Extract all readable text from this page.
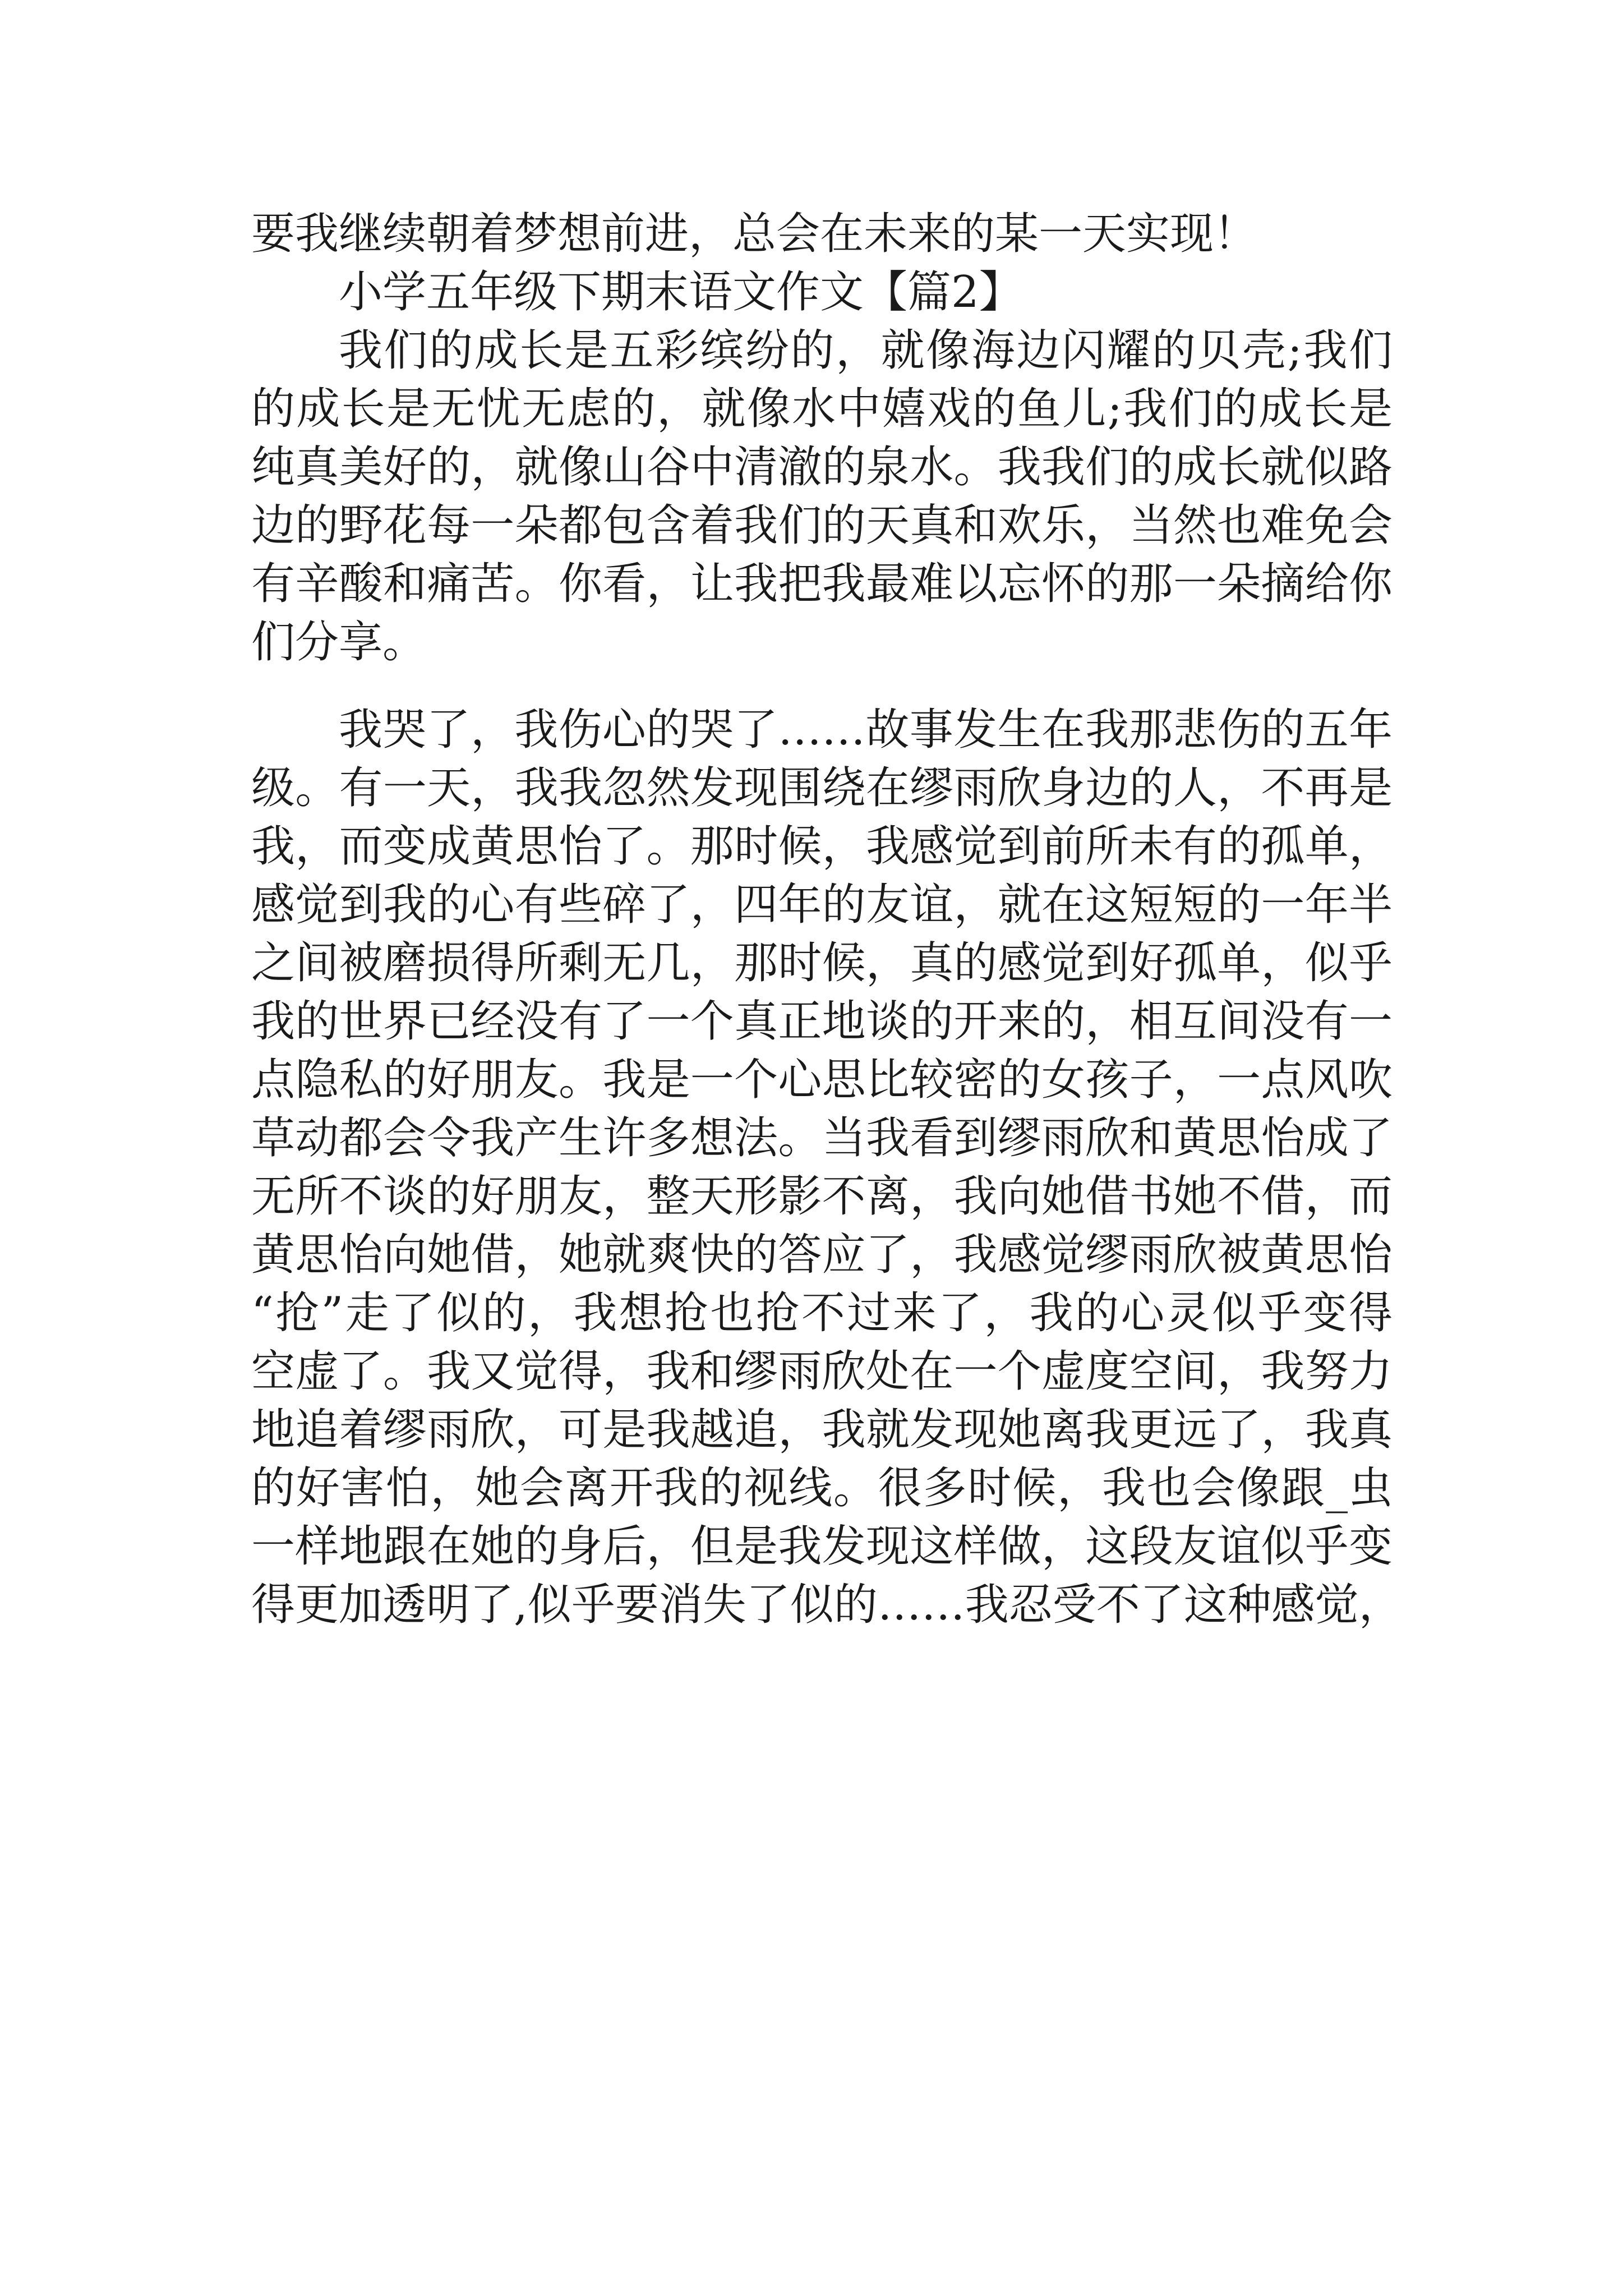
要我继续朝着梦想前进，总会在未来的某一天实现！
小学五年级下期末语文作文【篇2】
我们的成长是五彩缤纷的，就像海边闪耀的贝壳;我们
的成长是无忧无虑的，就像水中嬉戏的鱼儿;我们的成长是
纯真美好的，就像山谷中清澈的泉水。我我们的成长就似路
边的野花每一朵都包含着我们的天真和欢乐，当然也难免会
有辛酸和痛苦。你看，让我把我最难以忘怀的那一朵摘给你
们分享。
我哭了，我伤心的哭了……故事发生在我那悲伤的五年
级。有一天，我我忽然发现围绕在缪雨欣身边的人，不再是
我，而变成黄思怡了。那时候，我感觉到前所未有的孤单，
感觉到我的心有些碎了，四年的友谊，就在这短短的一年半
之间被磨损得所剩无几，那时候，真的感觉到好孤单，似乎
我的世界已经没有了一个真正地谈的开来的，相互间没有一
点隐私的好朋友。我是一个心思比较密的女孩子，一点风吹
草动都会令我产生许多想法。当我看到缪雨欣和黄思怡成了
无所不谈的好朋友，整天形影不离，我向她借书她不借，而
黄思怡向她借，她就爽快的答应了，我感觉缪雨欣被黄思怡
“抢”走了似的，我想抢也抢不过来了，我的心灵似乎变得
空虚了。我又觉得，我和缪雨欣处在一个虚度空间，我努力
地追着缪雨欣，可是我越追，我就发现她离我更远了，我真
的好害怕，她会离开我的视线。很多时候，我也会像跟_虫
一样地跟在她的身后，但是我发现这样做，这段友谊似乎变
得更加透明了,似乎要消失了似的……我忍受不了这种感觉，
